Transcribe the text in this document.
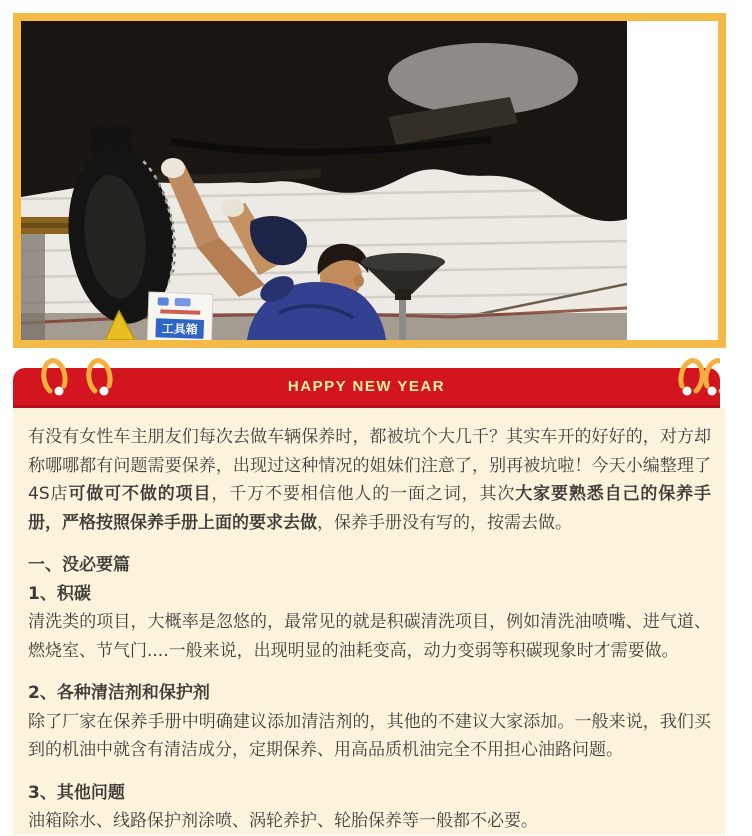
工具箱
HAPPY NEW YEAR
有没有女性车主朋友们每次去做车辆保养时，都被坑个大几千？其实车开的好好的，对方却称哪哪都有问题需要保养，出现过这种情况的姐妹们注意了，别再被坑啦！今天小编整理了4S店可做可不做的项目，千万不要相信他人的一面之词，其次大家要熟悉自己的保养手册，严格按照保养手册上面的要求去做，保养手册没有写的，按需去做。
一、没必要篇
1、积碳
清洗类的项目，大概率是忽悠的，最常见的就是积碳清洗项目，例如清洗油喷嘴、进气道、燃烧室、节气门....一般来说，出现明显的油耗变高，动力变弱等积碳现象时才需要做。
2、各种清洁剂和保护剂
除了厂家在保养手册中明确建议添加清洁剂的，其他的不建议大家添加。一般来说，我们买到的机油中就含有清洁成分，定期保养、用高品质机油完全不用担心油路问题。
3、其他问题
油箱除水、线路保护剂涂喷、涡轮养护、轮胎保养等一般都不必要。
